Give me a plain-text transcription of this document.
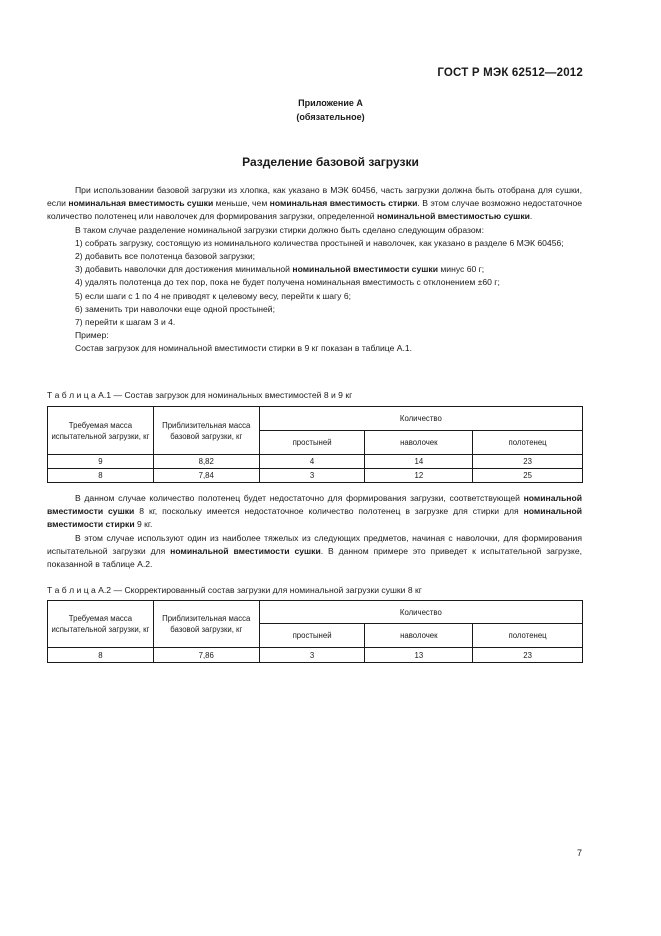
ГОСТ Р МЭК 62512—2012
Приложение А
(обязательное)
Разделение базовой загрузки

При использовании базовой загрузки из хлопка, как указано в МЭК 60456, часть загрузки должна быть отобрана для сушки, если номинальная вместимость сушки меньше, чем номинальная вместимость стирки. В этом случае возможно недостаточное количество полотенец или наволочек для формирования загрузки, определенной номинальной вместимостью сушки.

В таком случае разделение номинальной загрузки стирки должно быть сделано следующим образом:

1) собрать загрузку, состоящую из номинального количества простыней и наволочек, как указано в разделе 6 МЭК 60456;

2) добавить все полотенца базовой загрузки;

3) добавить наволочки для достижения минимальной номинальной вместимости сушки минус 60 г;

4) удалять полотенца до тех пор, пока не будет получена номинальная вместимость с отклонением ±60 г;

5) если шаги с 1 по 4 не приводят к целевому весу, перейти к шагу 6;

6) заменить три наволочки еще одной простыней;

7) перейти к шагам 3 и 4.

Пример:

Состав загрузок для номинальной вместимости стирки в 9 кг показан в таблице А.1.

Т а б л и ц а А.1 — Состав загрузок для номинальных вместимостей 8 и 9 кг
Требуемая масса испытательной загрузки, кг	Приблизительная масса базовой загрузки, кг	Количество		
		простыней	наволочек	полотенец
9	8,82	4	14	23
8	7,84	3	12	25

В данном случае количество полотенец будет недостаточно для формирования загрузки, соответствующей номинальной вместимости сушки 8 кг, поскольку имеется недостаточное количество полотенец в загрузке для стирки для номинальной вместимости стирки 9 кг.

В этом случае используют один из наиболее тяжелых из следующих предметов, начиная с наволочки, для формирования испытательной загрузки для номинальной вместимости сушки. В данном примере это приведет к испытательной загрузке, показанной в таблице А.2.

Т а б л и ц а А.2 — Скорректированный состав загрузки для номинальной загрузки сушки 8 кг
Требуемая масса испытательной загрузки, кг	Приблизительная масса базовой загрузки, кг	Количество		
		простыней	наволочек	полотенец
8	7,86	3	13	23
7
